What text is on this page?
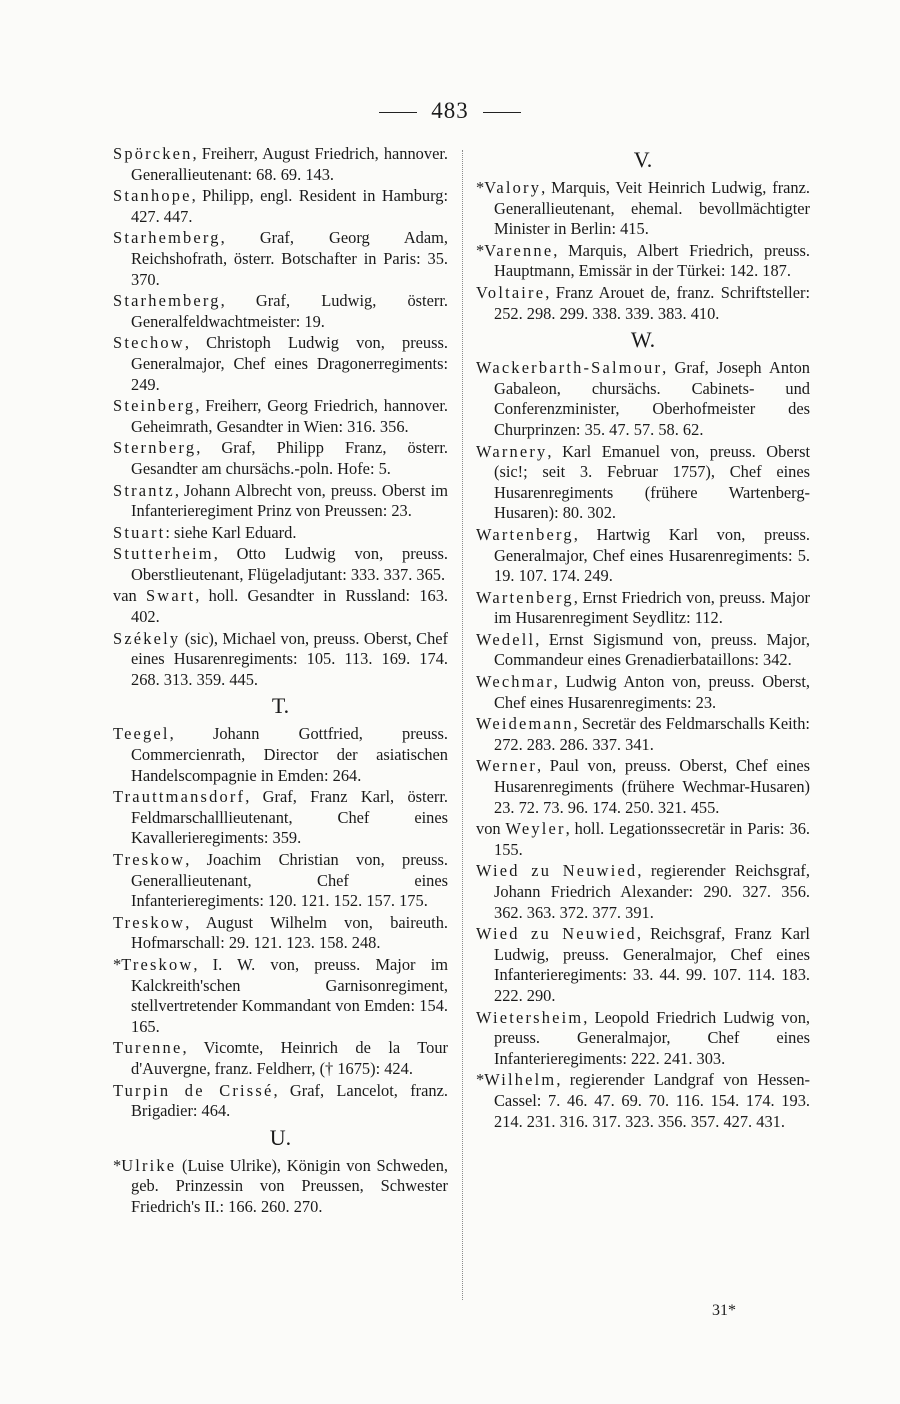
483
Spörcken, Freiherr, August Friedrich, hannover. Generallieutenant: 68. 69. 143.
Stanhope, Philipp, engl. Resident in Hamburg: 427. 447.
Starhemberg, Graf, Georg Adam, Reichshofrath, österr. Botschafter in Paris: 35. 370.
Starhemberg, Graf, Ludwig, österr. Generalfeldwachtmeister: 19.
Stechow, Christoph Ludwig von, preuss. Generalmajor, Chef eines Dragonerregiments: 249.
Steinberg, Freiherr, Georg Friedrich, hannover. Geheimrath, Gesandter in Wien: 316. 356.
Sternberg, Graf, Philipp Franz, österr. Gesandter am chursächs.-poln. Hofe: 5.
Strantz, Johann Albrecht von, preuss. Oberst im Infanterieregiment Prinz von Preussen: 23.
Stuart: siehe Karl Eduard.
Stutterheim, Otto Ludwig von, preuss. Oberstlieutenant, Flügeladjutant: 333. 337. 365.
van Swart, holl. Gesandter in Russland: 163. 402.
Székely (sic), Michael von, preuss. Oberst, Chef eines Husarenregiments: 105. 113. 169. 174. 268. 313. 359. 445.
T.
Teegel, Johann Gottfried, preuss. Commercienrath, Director der asiatischen Handelscompagnie in Emden: 264.
Trauttmansdorf, Graf, Franz Karl, österr. Feldmarschalllieutenant, Chef eines Kavallerieregiments: 359.
Treskow, Joachim Christian von, preuss. Generallieutenant, Chef eines Infanterieregiments: 120. 121. 152. 157. 175.
Treskow, August Wilhelm von, baireuth. Hofmarschall: 29. 121. 123. 158. 248.
*Treskow, I. W. von, preuss. Major im Kalckreith'schen Garnisonregiment, stellvertretender Kommandant von Emden: 154. 165.
Turenne, Vicomte, Heinrich de la Tour d'Auvergne, franz. Feldherr, († 1675): 424.
Turpin de Crissé, Graf, Lancelot, franz. Brigadier: 464.
U.
*Ulrike (Luise Ulrike), Königin von Schweden, geb. Prinzessin von Preussen, Schwester Friedrich's II.: 166. 260. 270.
V.
*Valory, Marquis, Veit Heinrich Ludwig, franz. Generallieutenant, ehemal. bevollmächtigter Minister in Berlin: 415.
*Varenne, Marquis, Albert Friedrich, preuss. Hauptmann, Emissär in der Türkei: 142. 187.
Voltaire, Franz Arouet de, franz. Schriftsteller: 252. 298. 299. 338. 339. 383. 410.
W.
Wackerbarth-Salmour, Graf, Joseph Anton Gabaleon, chursächs. Cabinets- und Conferenzminister, Oberhofmeister des Churprinzen: 35. 47. 57. 58. 62.
Warnery, Karl Emanuel von, preuss. Oberst (sic!; seit 3. Februar 1757), Chef eines Husarenregiments (frühere Wartenberg-Husaren): 80. 302.
Wartenberg, Hartwig Karl von, preuss. Generalmajor, Chef eines Husarenregiments: 5. 19. 107. 174. 249.
Wartenberg, Ernst Friedrich von, preuss. Major im Husarenregiment Seydlitz: 112.
Wedell, Ernst Sigismund von, preuss. Major, Commandeur eines Grenadierbataillons: 342.
Wechmar, Ludwig Anton von, preuss. Oberst, Chef eines Husarenregiments: 23.
Weidemann, Secretär des Feldmarschalls Keith: 272. 283. 286. 337. 341.
Werner, Paul von, preuss. Oberst, Chef eines Husarenregiments (frühere Wechmar-Husaren) 23. 72. 73. 96. 174. 250. 321. 455.
von Weyler, holl. Legationssecretär in Paris: 36. 155.
Wied zu Neuwied, regierender Reichsgraf, Johann Friedrich Alexander: 290. 327. 356. 362. 363. 372. 377. 391.
Wied zu Neuwied, Reichsgraf, Franz Karl Ludwig, preuss. Generalmajor, Chef eines Infanterieregiments: 33. 44. 99. 107. 114. 183. 222. 290.
Wietersheim, Leopold Friedrich Ludwig von, preuss. Generalmajor, Chef eines Infanterieregiments: 222. 241. 303.
*Wilhelm, regierender Landgraf von Hessen-Cassel: 7. 46. 47. 69. 70. 116. 154. 174. 193. 214. 231. 316. 317. 323. 356. 357. 427. 431.
31*
